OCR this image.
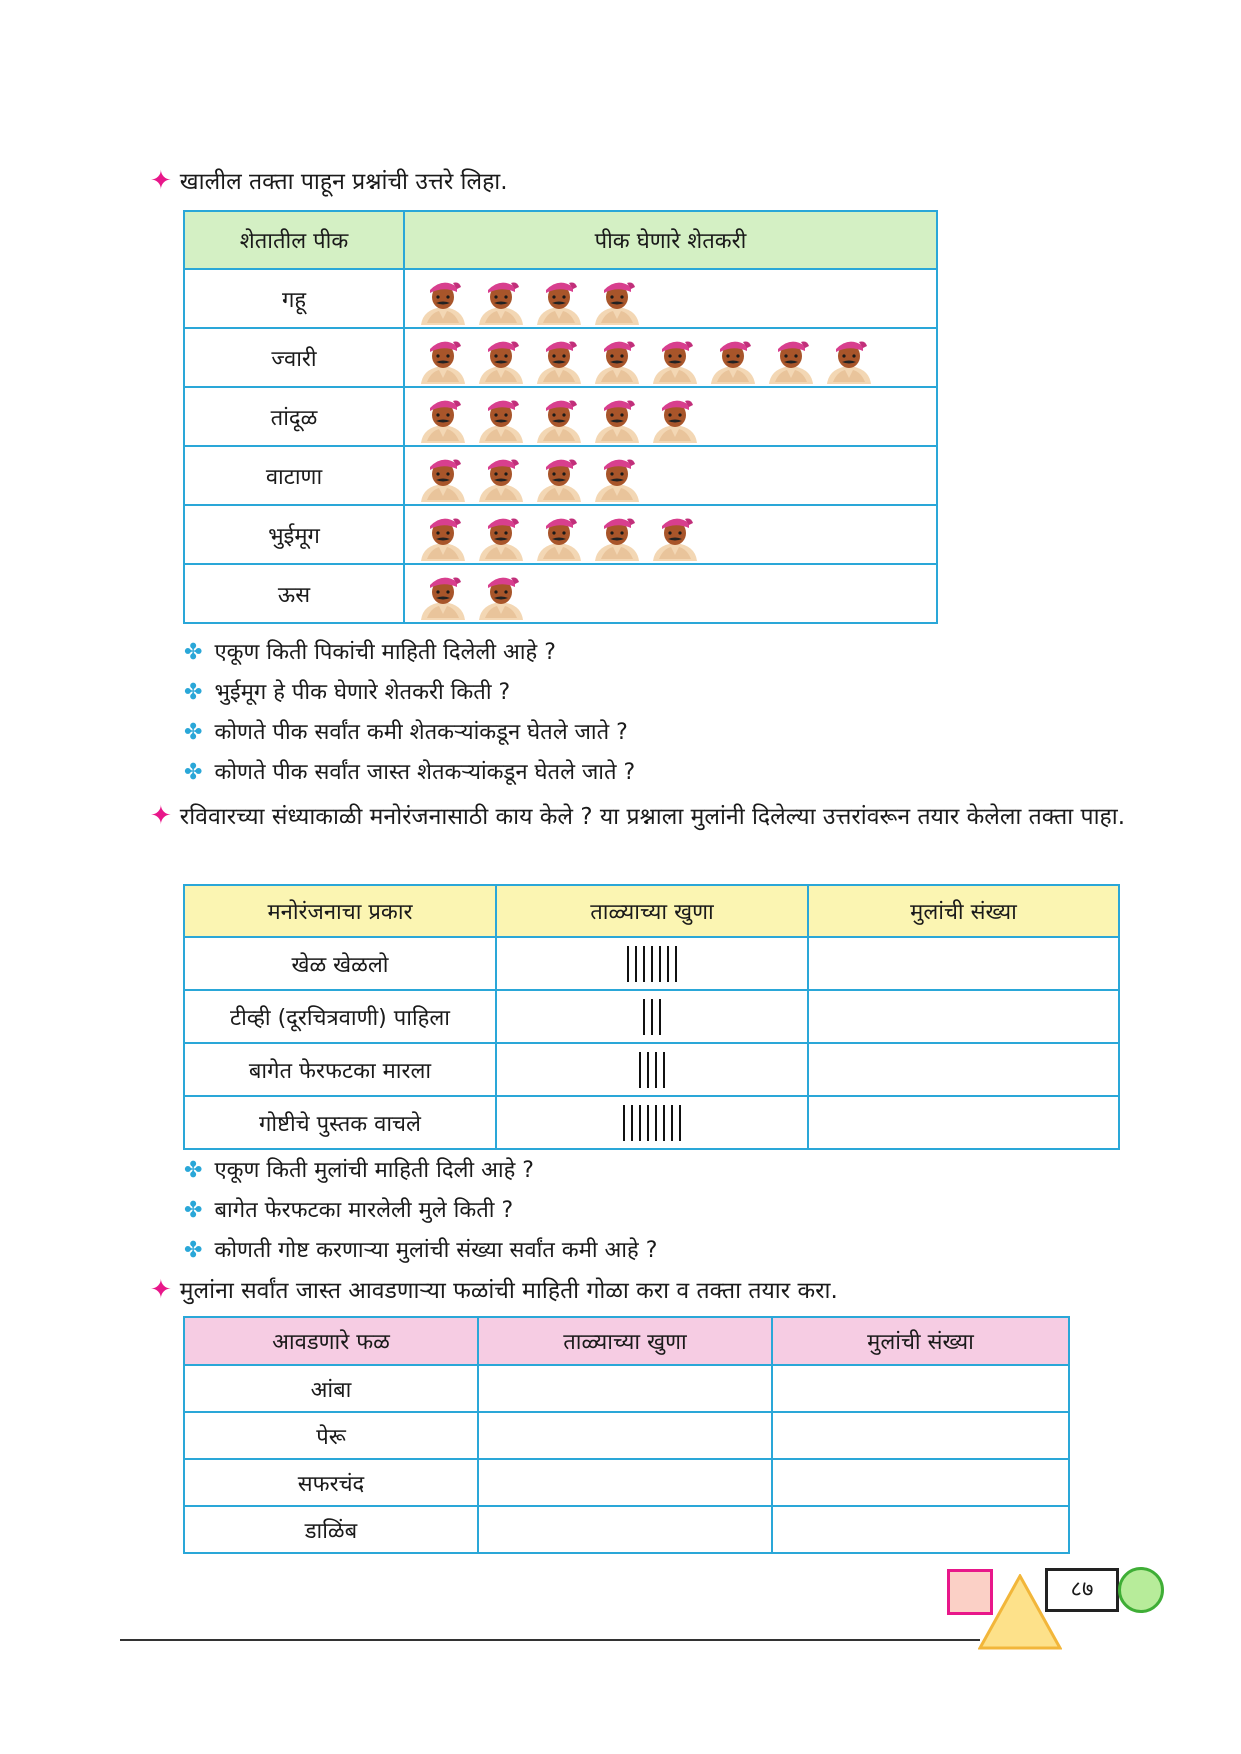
✦ खालील तक्ता पाहून प्रश्नांची उत्तरे लिहा.
शेतातील पीक	पीक घेणारे शेतकरी
गहू	
ज्वारी	
तांदूळ	
वाटाणा	
भुईमूग	
ऊस	
✤ एकूण किती पिकांची माहिती दिलेली आहे ?
✤ भुईमूग हे पीक घेणारे शेतकरी किती ?
✤ कोणते पीक सर्वांत कमी शेतकऱ्यांकडून घेतले जाते ?
✤ कोणते पीक सर्वांत जास्त शेतकऱ्यांकडून घेतले जाते ?
✦ रविवारच्या संध्याकाळी मनोरंजनासाठी काय केले ? या प्रश्नाला मुलांनी दिलेल्या उत्तरांवरून तयार केलेला तक्ता पाहा.
मनोरंजनाचा प्रकार	ताळ्याच्या खुणा	मुलांची संख्या
खेळ खेळलो	

टीव्ही (दूरचित्रवाणी) पाहिला	

बागेत फेरफटका मारला	

गोष्टीचे पुस्तक वाचले	

✤ एकूण किती मुलांची माहिती दिली आहे ?
✤ बागेत फेरफटका मारलेली मुले किती ?
✤ कोणती गोष्ट करणाऱ्या मुलांची संख्या सर्वांत कमी आहे ?
✦ मुलांना सर्वांत जास्त आवडणाऱ्या फळांची माहिती गोळा करा व तक्ता तयार करा.
आवडणारे फळ	ताळ्याच्या खुणा	मुलांची संख्या
आंबा		
पेरू		
सफरचंद		
डाळिंब		
८७
